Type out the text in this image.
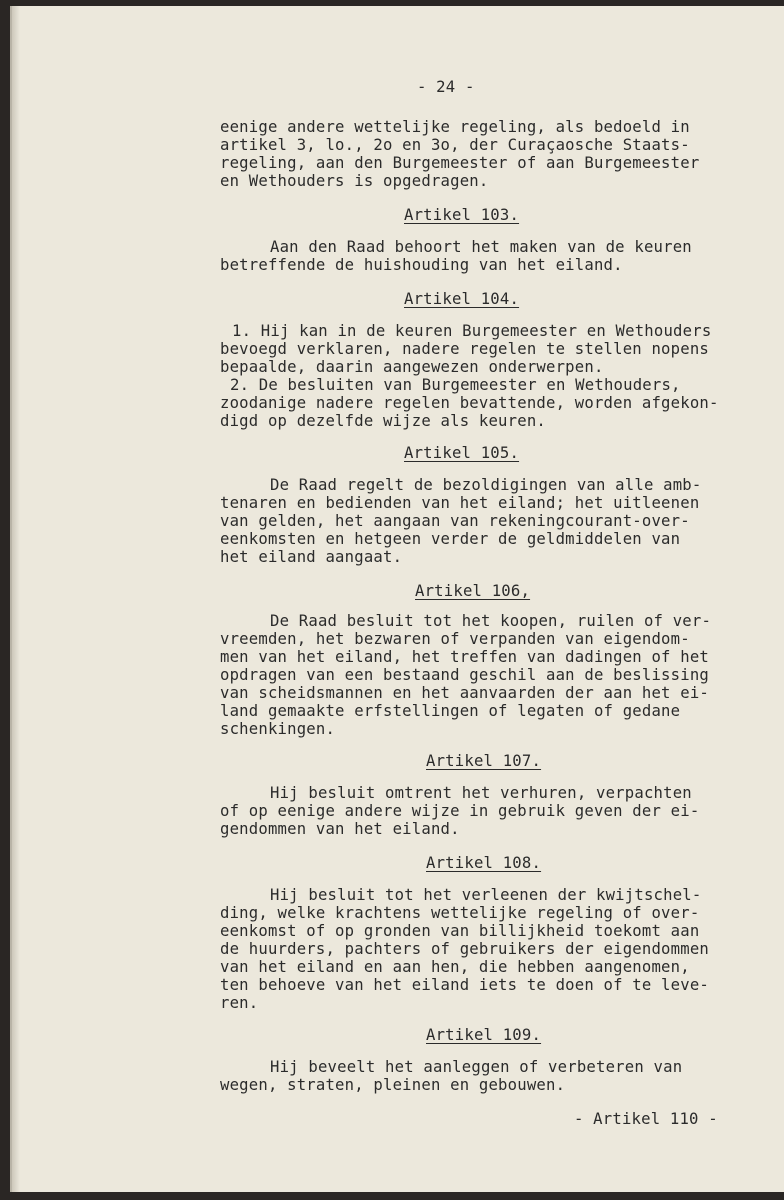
- 24 -
eenige andere wettelijke regeling, als bedoeld in
artikel 3, lo., 2o en 3o, der Curaçaosche Staats-
regeling, aan den Burgemeester of aan Burgemeester
en Wethouders is opgedragen.
Artikel 103.
Aan den Raad behoort het maken van de keuren
betreffende de huishouding van het eiland.
Artikel 104.
1. Hij kan in de keuren Burgemeester en Wethouders
bevoegd verklaren, nadere regelen te stellen nopens
bepaalde, daarin aangewezen onderwerpen.
2. De besluiten van Burgemeester en Wethouders,
zoodanige nadere regelen bevattende, worden afgekon-
digd op dezelfde wijze als keuren.
Artikel 105.
De Raad regelt de bezoldigingen van alle amb-
tenaren en bedienden van het eiland; het uitleenen
van gelden, het aangaan van rekeningcourant-over-
eenkomsten en hetgeen verder de geldmiddelen van
het eiland aangaat.
Artikel 106,
De Raad besluit tot het koopen, ruilen of ver-
vreemden, het bezwaren of verpanden van eigendom-
men van het eiland, het treffen van dadingen of het
opdragen van een bestaand geschil aan de beslissing
van scheidsmannen en het aanvaarden der aan het ei-
land gemaakte erfstellingen of legaten of gedane
schenkingen.
Artikel 107.
Hij besluit omtrent het verhuren, verpachten
of op eenige andere wijze in gebruik geven der ei-
gendommen van het eiland.
Artikel 108.
Hij besluit tot het verleenen der kwijtschel-
ding, welke krachtens wettelijke regeling of over-
eenkomst of op gronden van billijkheid toekomt aan
de huurders, pachters of gebruikers der eigendommen
van het eiland en aan hen, die hebben aangenomen,
ten behoeve van het eiland iets te doen of te leve-
ren.
Artikel 109.
Hij beveelt het aanleggen of verbeteren van
wegen, straten, pleinen en gebouwen.
- Artikel 110 -
